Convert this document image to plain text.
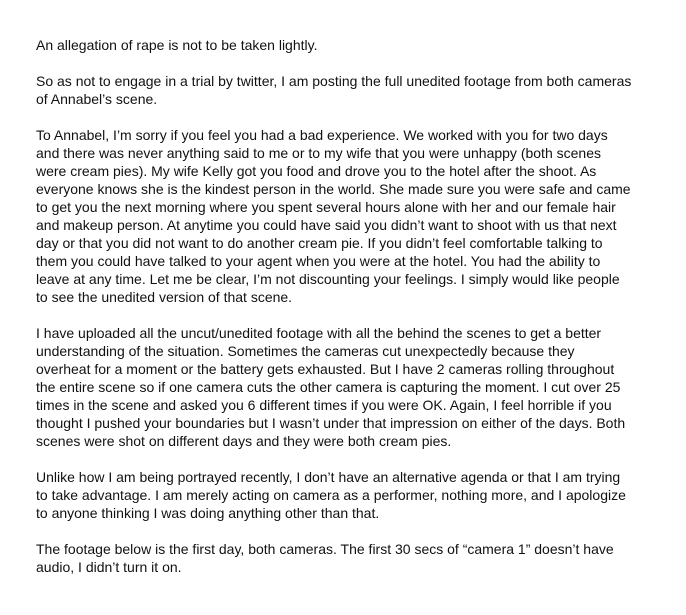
An allegation of rape is not to be taken lightly.

So as not to engage in a trial by twitter, I am posting the full unedited footage from both cameras of Annabel’s scene.

To Annabel, I’m sorry if you feel you had a bad experience. We worked with you for two days and there was never anything said to me or to my wife that you were unhappy (both scenes were cream pies). My wife Kelly got you food and drove you to the hotel after the shoot. As everyone knows she is the kindest person in the world. She made sure you were safe and came to get you the next morning where you spent several hours alone with her and our female hair and makeup person. At anytime you could have said you didn’t want to shoot with us that next day or that you did not want to do another cream pie. If you didn’t feel comfortable talking to them you could have talked to your agent when you were at the hotel. You had the ability to leave at any time. Let me be clear, I’m not discounting your feelings. I simply would like people to see the unedited version of that scene.

I have uploaded all the uncut/unedited footage with all the behind the scenes to get a better understanding of the situation. Sometimes the cameras cut unexpectedly because they overheat for a moment or the battery gets exhausted. But I have 2 cameras rolling throughout the entire scene so if one camera cuts the other camera is capturing the moment. I cut over 25 times in the scene and asked you 6 different times if you were OK. Again, I feel horrible if you thought I pushed your boundaries but I wasn’t under that impression on either of the days. Both scenes were shot on different days and they were both cream pies.

Unlike how I am being portrayed recently, I don’t have an alternative agenda or that I am trying to take advantage. I am merely acting on camera as a performer, nothing more, and I apologize to anyone thinking I was doing anything other than that.

The footage below is the first day, both cameras. The first 30 secs of “camera 1” doesn’t have audio, I didn’t turn it on.
